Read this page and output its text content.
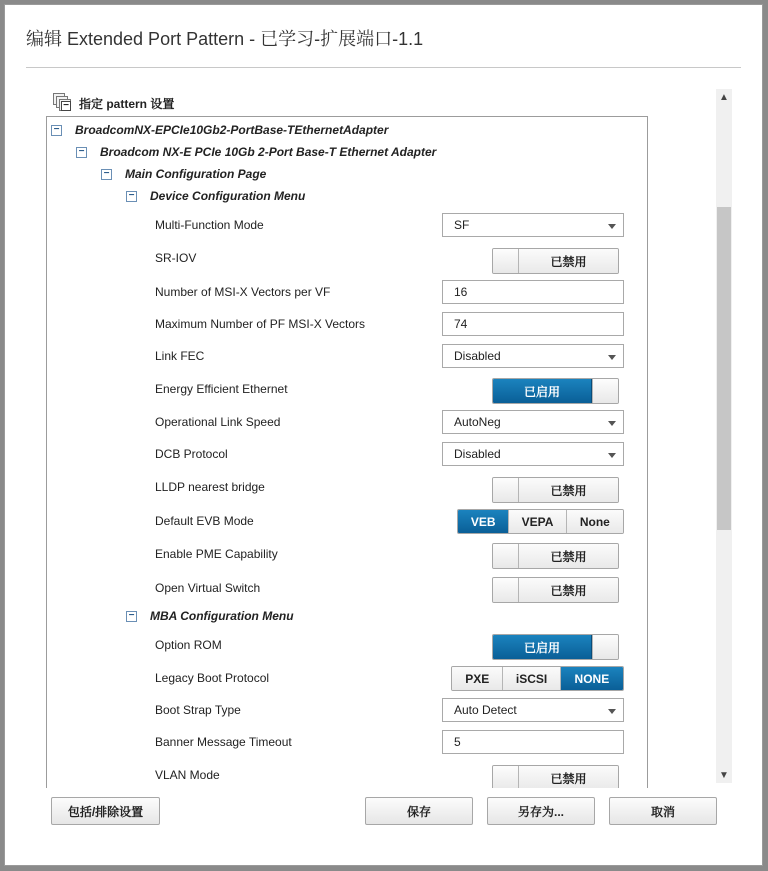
编辑 Extended Port Pattern - 已学习-扩展端口-1.1
− 指定 pattern 设置
− BroadcomNX-EPCIe10Gb2-PortBase-TEthernetAdapter
− Broadcom NX-E PCIe 10Gb 2-Port Base-T Ethernet Adapter
− Main Configuration Page
− Device Configuration Menu
Multi-Function Mode	SF
SR-IOV	已禁用
Number of MSI-X Vectors per VF	16
Maximum Number of PF MSI-X Vectors	74
Link FEC	Disabled
Energy Efficient Ethernet	已启用
Operational Link Speed	AutoNeg
DCB Protocol	Disabled
LLDP nearest bridge	已禁用
Default EVB Mode	VEB	VEPA	None
Enable PME Capability	已禁用
Open Virtual Switch	已禁用
− MBA Configuration Menu
Option ROM	已启用
Legacy Boot Protocol	PXE	iSCSI	NONE
Boot Strap Type	Auto Detect
Banner Message Timeout	5
VLAN Mode	已禁用
▲
▼
包括/排除设置	保存	另存为...	取消
